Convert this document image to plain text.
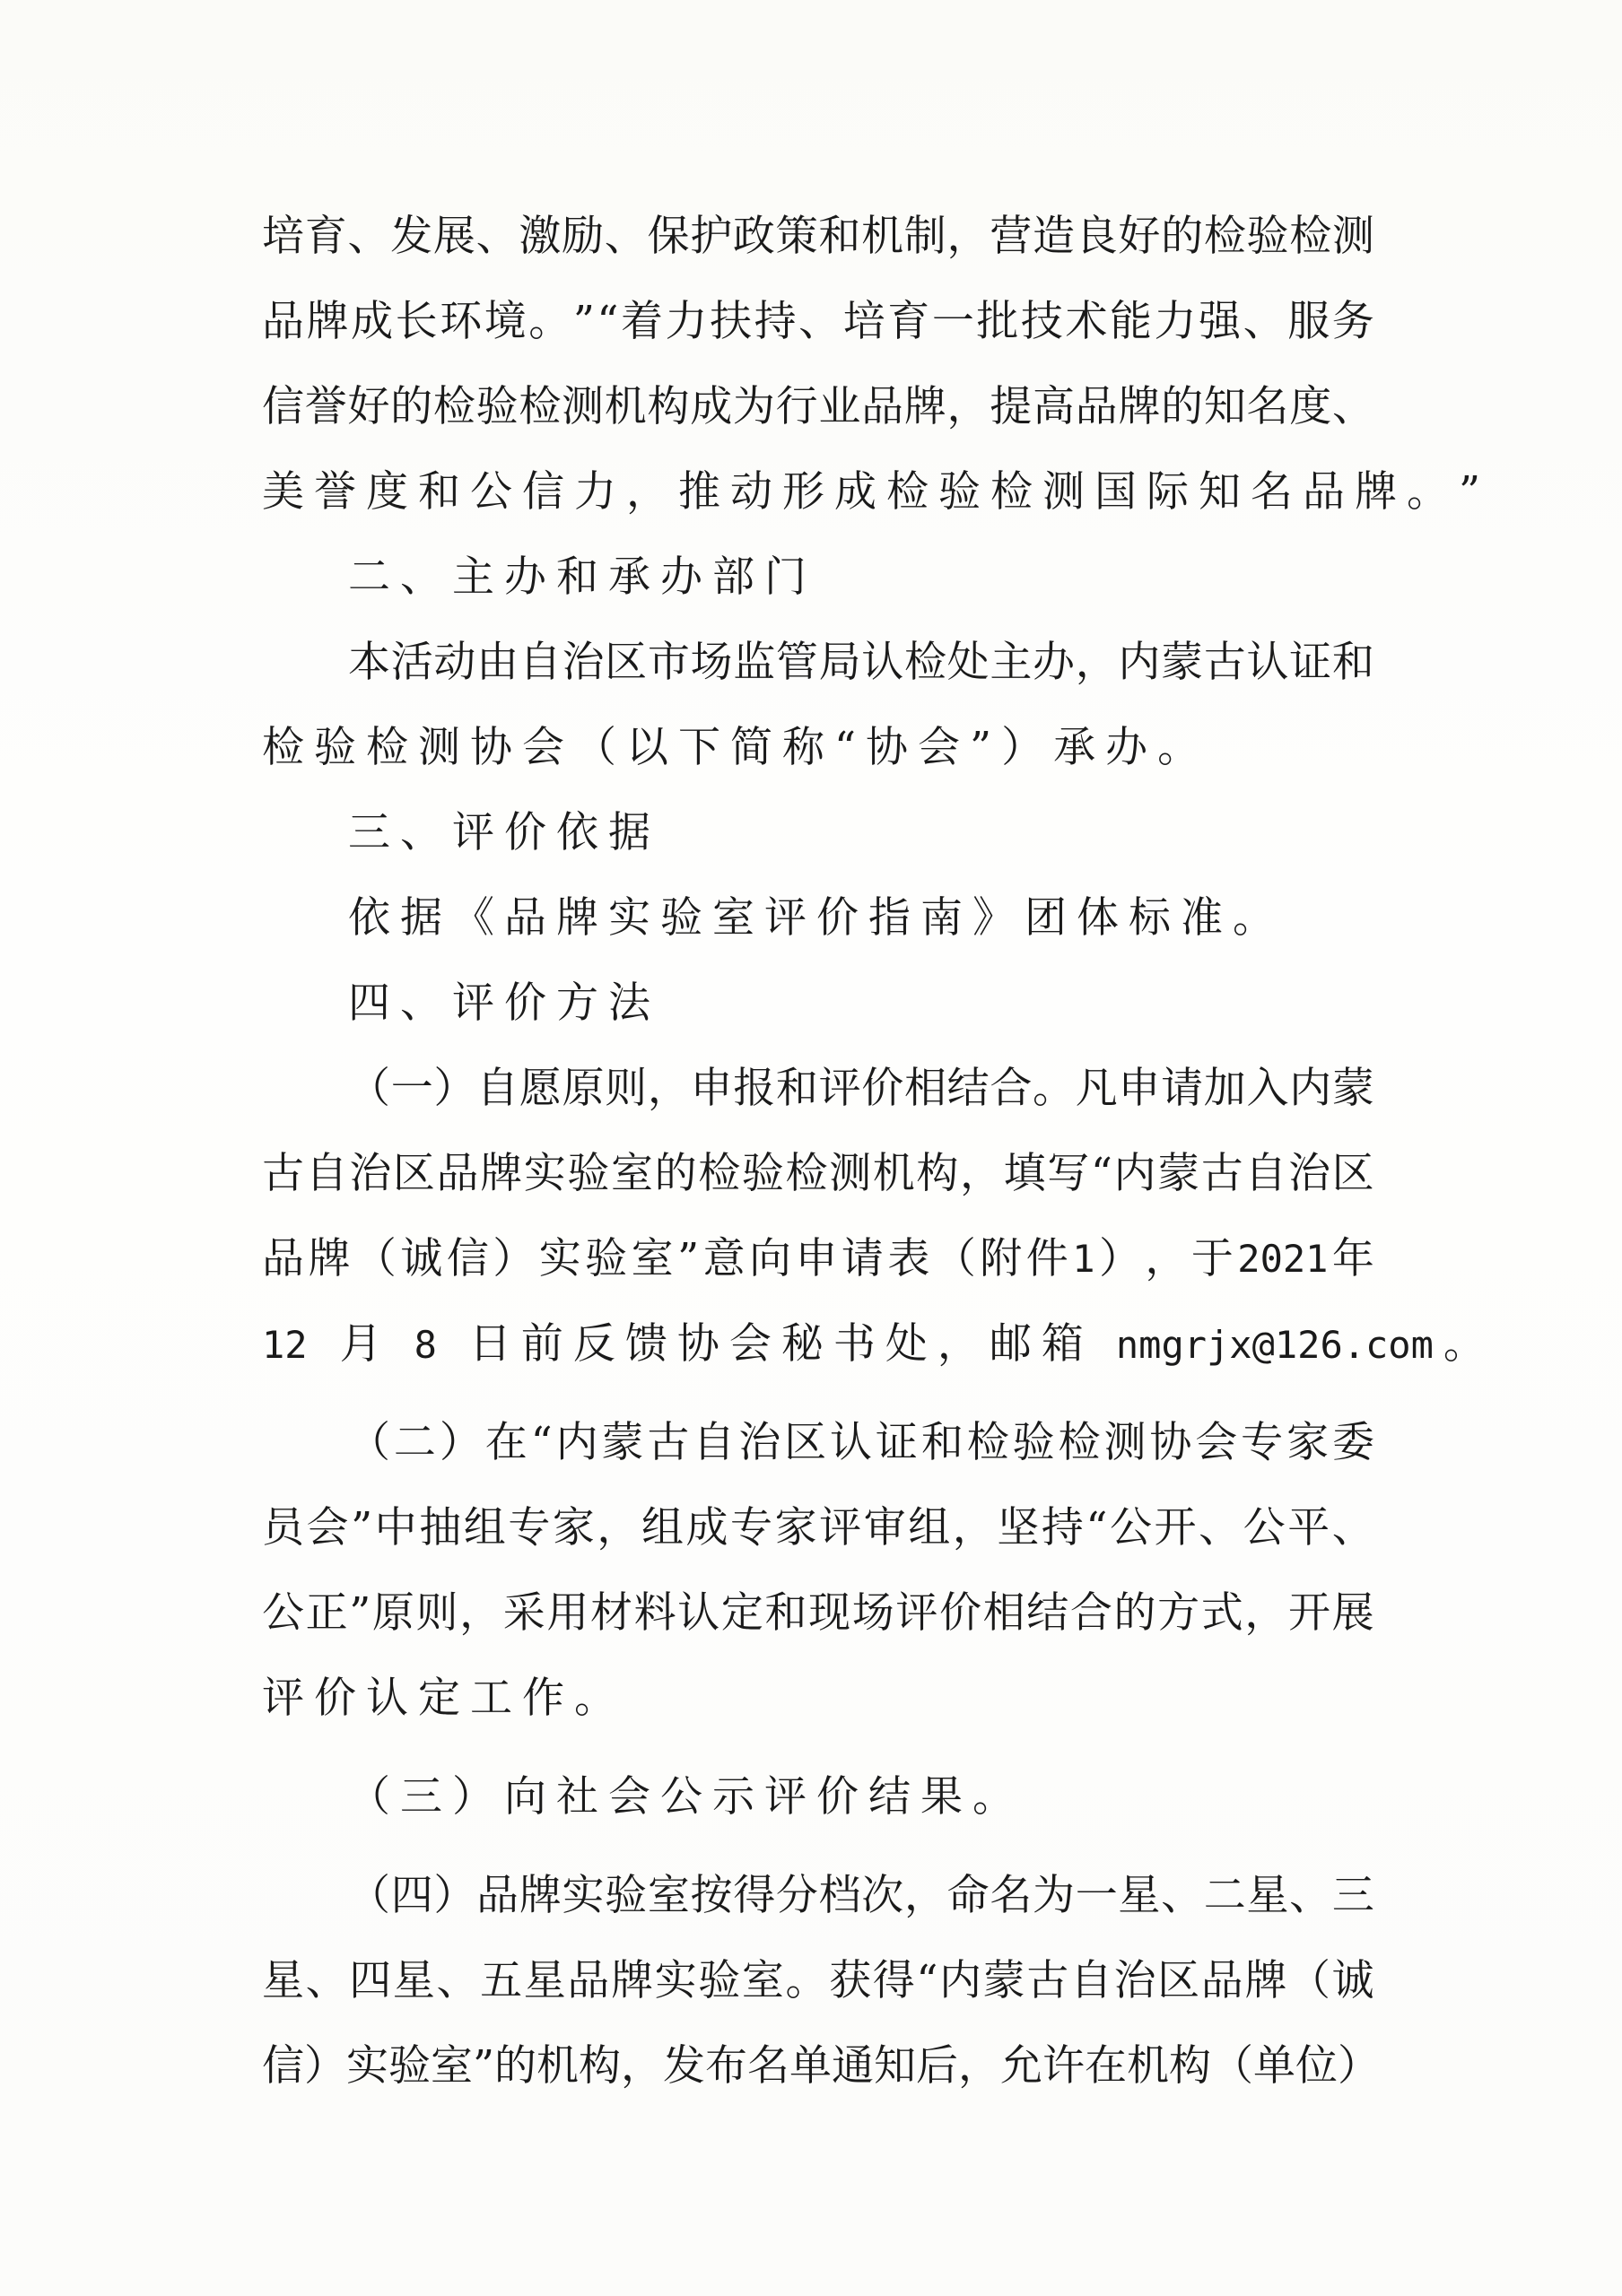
培 育 、 发 展 、 激 励 、 保 护 政 策 和 机 制 ， 营 造 良 好 的 检 验 检 测
品 牌 成 长 环 境 。 ” “ 着 力 扶 持 、 培 育 一 批 技 术 能 力 强 、 服 务
信 誉 好 的 检 验 检 测 机 构 成 为 行 业 品 牌 ， 提 高 品 牌 的 知 名 度 、
美 誉 度 和 公 信 力 ， 推 动 形 成 检 验 检 测 国 际 知 名 品 牌 。 ”
二 、 主 办 和 承 办 部 门
本 活 动 由 自 治 区 市 场 监 管 局 认 检 处 主 办 ， 内 蒙 古 认 证 和
检 验 检 测 协 会 （ 以 下 简 称 “ 协 会 ” ） 承 办 。
三 、 评 价 依 据
依 据 《 品 牌 实 验 室 评 价 指 南 》 团 体 标 准 。
四 、 评 价 方 法
（ 一 ） 自 愿 原 则 ， 申 报 和 评 价 相 结 合 。 凡 申 请 加 入 内 蒙
古 自 治 区 品 牌 实 验 室 的 检 验 检 测 机 构 ， 填 写 “ 内 蒙 古 自 治 区
品 牌 （ 诚 信 ） 实 验 室 ” 意 向 申 请 表 （ 附 件 1 ） ， 于 2021 年
12 月 8 日 前 反 馈 协 会 秘 书 处 ， 邮 箱 nmgrjx@126.com 。
（ 二 ） 在 “ 内 蒙 古 自 治 区 认 证 和 检 验 检 测 协 会 专 家 委
员 会 ” 中 抽 组 专 家 ， 组 成 专 家 评 审 组 ， 坚 持 “ 公 开 、 公 平 、
公 正 ” 原 则 ， 采 用 材 料 认 定 和 现 场 评 价 相 结 合 的 方 式 ， 开 展
评 价 认 定 工 作 。
（ 三 ） 向 社 会 公 示 评 价 结 果 。
（ 四 ） 品 牌 实 验 室 按 得 分 档 次 ， 命 名 为 一 星 、 二 星 、 三
星 、 四 星 、 五 星 品 牌 实 验 室 。 获 得 “ 内 蒙 古 自 治 区 品 牌 （ 诚
信 ） 实 验 室 ” 的 机 构 ， 发 布 名 单 通 知 后 ， 允 许 在 机 构 （ 单 位 ）
